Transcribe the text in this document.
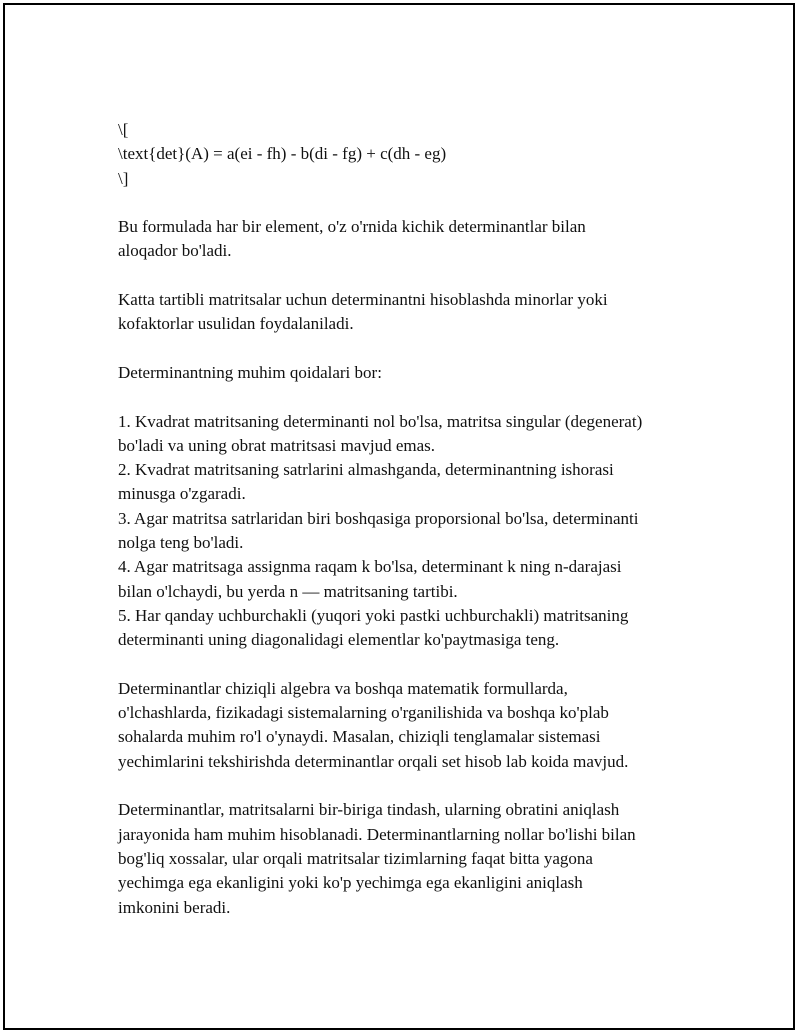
\[
\text{det}(A) = a(ei - fh) - b(di - fg) + c(dh - eg)
\]
Bu formulada har bir element, o'z o'rnida kichik determinantlar bilan
aloqador bo'ladi.
Katta tartibli matritsalar uchun determinantni hisoblashda minorlar yoki
kofaktorlar usulidan foydalaniladi.
Determinantning muhim qoidalari bor:
1. Kvadrat matritsaning determinanti nol bo'lsa, matritsa singular (degenerat)
bo'ladi va uning obrat matritsasi mavjud emas.
2. Kvadrat matritsaning satrlarini almashganda, determinantning ishorasi
minusga o'zgaradi.
3. Agar matritsa satrlaridan biri boshqasiga proporsional bo'lsa, determinanti
nolga teng bo'ladi.
4. Agar matritsaga assignma raqam k bo'lsa, determinant k ning n-darajasi
bilan o'lchaydi, bu yerda n — matritsaning tartibi.
5. Har qanday uchburchakli (yuqori yoki pastki uchburchakli) matritsaning
determinanti uning diagonalidagi elementlar ko'paytmasiga teng.
Determinantlar chiziqli algebra va boshqa matematik formullarda,
o'lchashlarda, fizikadagi sistemalarning o'rganilishida va boshqa ko'plab
sohalarda muhim ro'l o'ynaydi. Masalan, chiziqli tenglamalar sistemasi
yechimlarini tekshirishda determinantlar orqali set hisob lab koida mavjud.
Determinantlar, matritsalarni bir-biriga tindash, ularning obratini aniqlash
jarayonida ham muhim hisoblanadi. Determinantlarning nollar bo'lishi bilan
bog'liq xossalar, ular orqali matritsalar tizimlarning faqat bitta yagona
yechimga ega ekanligini yoki ko'p yechimga ega ekanligini aniqlash
imkonini beradi.
